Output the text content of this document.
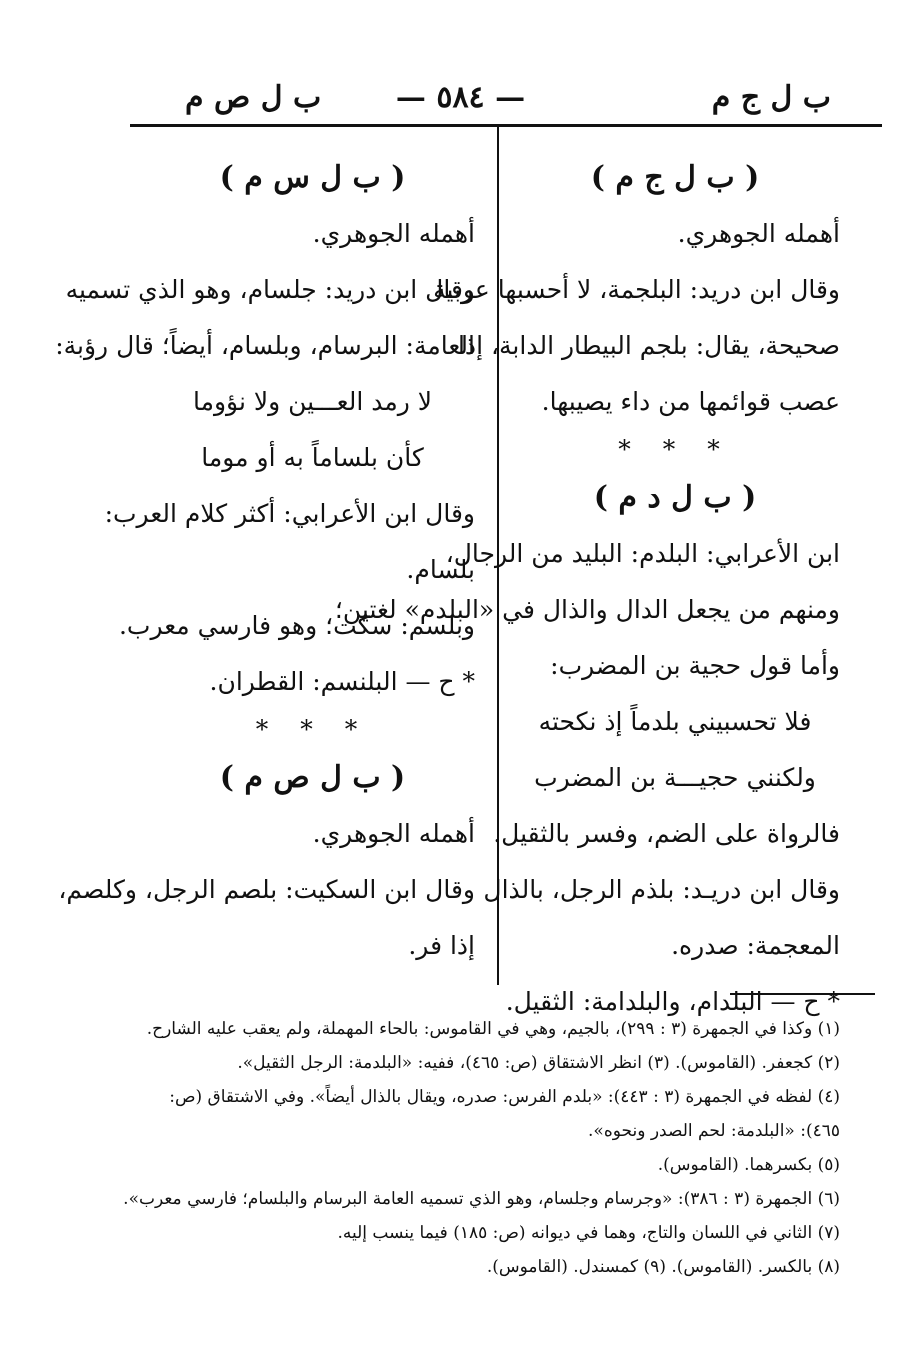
ب ل ج م
— ٥٨٤ —
ب ل ص م
( ب ل ج م )
أهمله الجوهري.
وقال ابن دريد: البلجمة، لا أحسبها عربية
صحيحة، يقال: بلجم البيطار الدابة، إذا
عصب قوائمها من داء يصيبها.
* * *
( ب ل د م )
ابن الأعرابي: البلدم: البليد من الرجال،
ومنهم من يجعل الدال والذال في «البلدم» لغتين؛
وأما قول حجية بن المضرب:
فلا تحسبيني بلدماً إذ نكحته
ولكنني حجيـــة بن المضرب
فالرواة على الضم، وفسر بالثقيل.
وقال ابن دريـد: بلذم الرجل، بالذال
المعجمة: صدره.
* ح — البلدام، والبلدامة: الثقيل.
( ب ل س م )
أهمله الجوهري.
وقال ابن دريد: جلسام، وهو الذي تسميه
العامة: البرسام، وبلسام، أيضاً؛ قال رؤبة:
لا رمد العـــين ولا نؤوما
كأن بلساماً به أو موما
وقال ابن الأعرابي: أكثر كلام العرب:
بلسام.
وبلسم: سكت؛ وهو فارسي معرب.
* ح — البلنسم: القطران.
* * *
( ب ل ص م )
أهمله الجوهري.
وقال ابن السكيت: بلصم الرجل، وكلصم،
إذا فر.
(١) وكذا في الجمهرة (٣ : ٢٩٩)، بالجيم، وهي في القاموس: بالحاء المهملة، ولم يعقب عليه الشارح.
(٢) كجعفر. (القاموس). (٣) انظر الاشتقاق (ص: ٤٦٥)، ففيه: «البلدمة: الرجل الثقيل».
(٤) لفظه في الجمهرة (٣ : ٤٤٣): «بلدم الفرس: صدره، ويقال بالذال أيضاً». وفي الاشتقاق (ص:
٤٦٥): «البلدمة: لحم الصدر ونحوه».
(٥) بكسرهما. (القاموس).
(٦) الجمهرة (٣ : ٣٨٦): «وجرسام وجلسام، وهو الذي تسميه العامة البرسام والبلسام؛ فارسي معرب».
(٧) الثاني في اللسان والتاج، وهما في ديوانه (ص: ١٨٥) فيما ينسب إليه.
(٨) بالكسر. (القاموس). (٩) كمسندل. (القاموس).
